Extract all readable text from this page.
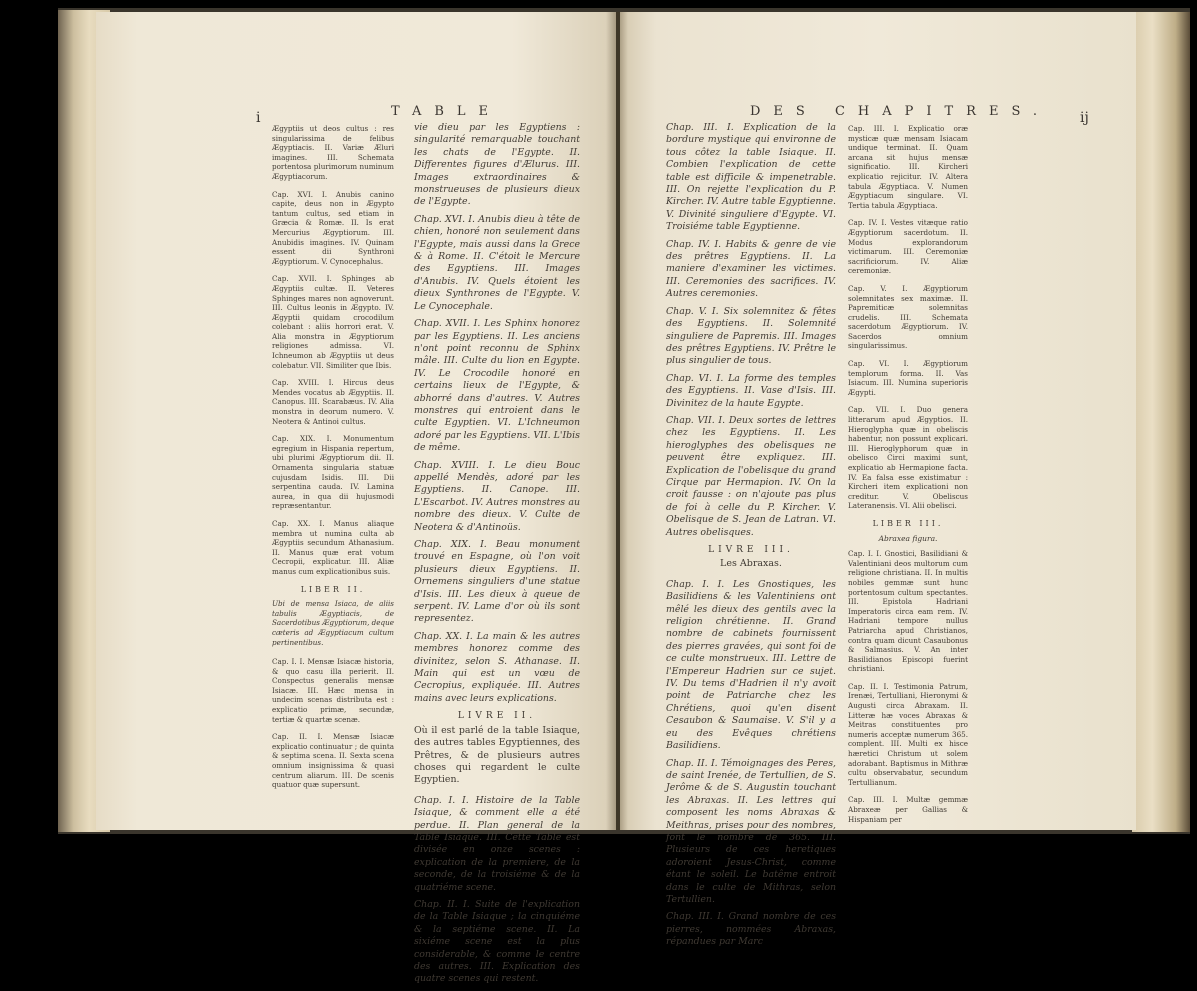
i	TABLE

Ægyptiis ut deos cultus : res singularissima de felibus Ægyptiacis. II. Variæ Æluri imagines. III. Schemata portentosa plurimorum numinum Ægyptiacorum.

Cap. XVI. I. Anubis canino capite, deus non in Ægypto tantum cultus, sed etiam in Græcia & Romæ. II. Is erat Mercurius Ægyptiorum. III. Anubidis imagines. IV. Quinam essent dii Synthroni Ægyptiorum. V. Cynocephalus.

Cap. XVII. I. Sphinges ab Ægyptiis cultæ. II. Veteres Sphinges mares non agnoverunt. III. Cultus leonis in Ægypto. IV. Ægyptii quidam crocodilum colebant : aliis horrori erat. V. Alia monstra in Ægyptiorum religiones admissa. VI. Ichneumon ab Ægyptiis ut deus colebatur. VII. Similiter que Ibis.

Cap. XVIII. I. Hircus deus Mendes vocatus ab Ægyptiis. II. Canopus. III. Scarabæus. IV. Alia monstra in deorum numero. V. Neotera & Antinoi cultus.

Cap. XIX. I. Monumentum egregium in Hispania repertum, ubi plurimi Ægyptiorum dii. II. Ornamenta singularia statuæ cujusdam Isidis. III. Dii serpentina cauda. IV. Lamina aurea, in qua dii hujusmodi repræsentantur.

Cap. XX. I. Manus aliaque membra ut numina culta ab Ægyptiis secundum Athanasium. II. Manus quæ erat votum Cecropii, explicatur. III. Aliæ manus cum explicationibus suis.

LIBER II.

Ubi de mensa Isiaca, de aliis tabulis Ægyptiacis, de Sacerdotibus Ægyptiorum, deque cæteris ad Ægyptiacum cultum pertinentibus.

Cap. I. I. Mensæ Isiacæ historia, & quo casu illa perierit. II. Conspectus generalis mensæ Isiacæ. III. Hæc mensa in undecim scenas distributa est : explicatio primæ, secundæ, tertiæ & quartæ scenæ.

Cap. II. I. Mensæ Isiacæ explicatio continuatur ; de quinta & septima scena. II. Sexta scena omnium insignissima & quasi centrum aliarum. III. De scenis quatuor quæ supersunt.

vie dieu par les Egyptiens : singularité remarquable touchant les chats de l'Egypte. II. Differentes figures d'Ælurus. III. Images extraordinaires & monstrueuses de plusieurs dieux de l'Egypte.

Chap. XVI. I. Anubis dieu à tête de chien, honoré non seulement dans l'Egypte, mais aussi dans la Grece & à Rome. II. C'étoit le Mercure des Egyptiens. III. Images d'Anubis. IV. Quels étoient les dieux Synthrones de l'Egypte. V. Le Cynocephale.

Chap. XVII. I. Les Sphinx honorez par les Egyptiens. II. Les anciens n'ont point reconnu de Sphinx mâle. III. Culte du lion en Egypte. IV. Le Crocodile honoré en certains lieux de l'Egypte, & abhorré dans d'autres. V. Autres monstres qui entroient dans le culte Egyptien. VI. L'Ichneumon adoré par les Egyptiens. VII. L'Ibis de même.

Chap. XVIII. I. Le dieu Bouc appellé Mendès, adoré par les Egyptiens. II. Canope. III. L'Escarbot. IV. Autres monstres au nombre des dieux. V. Culte de Neotera & d'Antinoüs.

Chap. XIX. I. Beau monument trouvé en Espagne, où l'on voit plusieurs dieux Egyptiens. II. Ornemens singuliers d'une statue d'Isis. III. Les dieux à queue de serpent. IV. Lame d'or où ils sont representez.

Chap. XX. I. La main & les autres membres honorez comme des divinitez, selon S. Athanase. II. Main qui est un vœu de Cecropius, expliquée. III. Autres mains avec leurs explications.

LIVRE II.

Où il est parlé de la table Isiaque, des autres tables Egyptiennes, des Prêtres, & de plusieurs autres choses qui regardent le culte Egyptien.

Chap. I. I. Histoire de la Table Isiaque, & comment elle a été perdue. II. Plan general de la Table Isiaque. III. Cette Table est divisée en onze scenes : explication de la premiere, de la seconde, de la troisiéme & de la quatriéme scene.

Chap. II. I. Suite de l'explication de la Table Isiaque ; la cinquiéme & la septiéme scene. II. La sixiéme scene est la plus considerable, & comme le centre des autres. III. Explication des quatre scenes qui restent.

DES CHAPITRES. ij

Chap. III. I. Explication de la bordure mystique qui environne de tous côtez la table Isiaque. II. Combien l'explication de cette table est difficile & impenetrable. III. On rejette l'explication du P. Kircher. IV. Autre table Egyptienne. V. Divinité singuliere d'Egypte. VI. Troisiéme table Egyptienne.

Chap. IV. I. Habits & genre de vie des prêtres Egyptiens. II. La maniere d'examiner les victimes. III. Ceremonies des sacrifices. IV. Autres ceremonies.

Chap. V. I. Six solemnitez & fêtes des Egyptiens. II. Solemnité singuliere de Papremis. III. Images des prêtres Egyptiens. IV. Prêtre le plus singulier de tous.

Chap. VI. I. La forme des temples des Egyptiens. II. Vase d'Isis. III. Divinitez de la haute Egypte.

Chap. VII. I. Deux sortes de lettres chez les Egyptiens. II. Les hieroglyphes des obelisques ne peuvent être expliquez. III. Explication de l'obelisque du grand Cirque par Hermapion. IV. On la croit fausse : on n'ajoute pas plus de foi à celle du P. Kircher. V. Obelisque de S. Jean de Latran. VI. Autres obelisques.

LIVRE III.
Les Abraxas.

Chap. I. I. Les Gnostiques, les Basilidiens & les Valentiniens ont mêlé les dieux des gentils avec la religion chrétienne. II. Grand nombre de cabinets fournissent des pierres gravées, qui sont foi de ce culte monstrueux. III. Lettre de l'Empereur Hadrien sur ce sujet. IV. Du tems d'Hadrien il n'y avoit point de Patriarche chez les Chrétiens, quoi qu'en disent Cesaubon & Saumaise. V. S'il y a eu des Evêques chrétiens Basilidiens.

Chap. II. I. Témoignages des Peres, de saint Irenée, de Tertullien, de S. Jerôme & de S. Augustin touchant les Abraxas. II. Les lettres qui composent les noms Abraxas & Meithras, prises pour des nombres, font le nombre de 365. III. Plusieurs de ces heretiques adoroient Jesus-Christ, comme étant le soleil. Le batême entroit dans le culte de Mithras, selon Tertullien.

Chap. III. I. Grand nombre de ces pierres, nommées Abraxas, répandues par Marc

Cap. III. I. Explicatio oræ mysticæ quæ mensam Isiacam undique terminat. II. Quam arcana sit hujus mensæ significatio. III. Kircheri explicatio rejicitur. IV. Altera tabula Ægyptiaca. V. Numen Ægyptiacum singulare. VI. Tertia tabula Ægyptiaca.

Cap. IV. I. Vestes vitæque ratio Ægyptiorum sacerdotum. II. Modus explorandorum victimarum. III. Ceremoniæ sacrificiorum. IV. Aliæ ceremoniæ.

Cap. V. I. Ægyptiorum solemnitates sex maximæ. II. Papremiticæ solemnitas crudelis. III. Schemata sacerdotum Ægyptiorum. IV. Sacerdos omnium singularissimus.

Cap. VI. I. Ægyptiorum templorum forma. II. Vas Isiacum. III. Numina superioris Ægypti.

Cap. VII. I. Duo genera litterarum apud Ægyptios. II. Hieroglypha quæ in obeliscis habentur, non possunt explicari. III. Hieroglyphorum quæ in obelisco Circi maximi sunt, explicatio ab Hermapione facta. IV. Ea falsa esse existimatur : Kircheri item explicationi non creditur. V. Obeliscus Lateranensis. VI. Alii obelisci.

LIBER III.
Abraxea figura.

Cap. I. I. Gnostici, Basilidiani & Valentiniani deos multorum cum religione christiana. II. In multis nobiles gemmæ sunt hunc portentosum cultum spectantes. III. Epistola Hadriani Imperatoris circa eam rem. IV. Hadriani tempore nullus Patriarcha apud Christianos, contra quam dicunt Casaubonus & Salmasius. V. An inter Basilidianos Episcopi fuerint christiani.

Cap. II. I. Testimonia Patrum, Irenæi, Tertulliani, Hieronymi & Augusti circa Abraxam. II. Litteræ hæ voces Abraxas & Meitras constituentes pro numeris acceptæ numerum 365. complent. III. Multi ex hisce hæretici Christum ut solem adorabant. Baptismus in Mithræ cultu observabatur, secundum Tertullianum.

Cap. III. I. Multæ gemmæ Abraxeæ per Gallias & Hispaniam per
